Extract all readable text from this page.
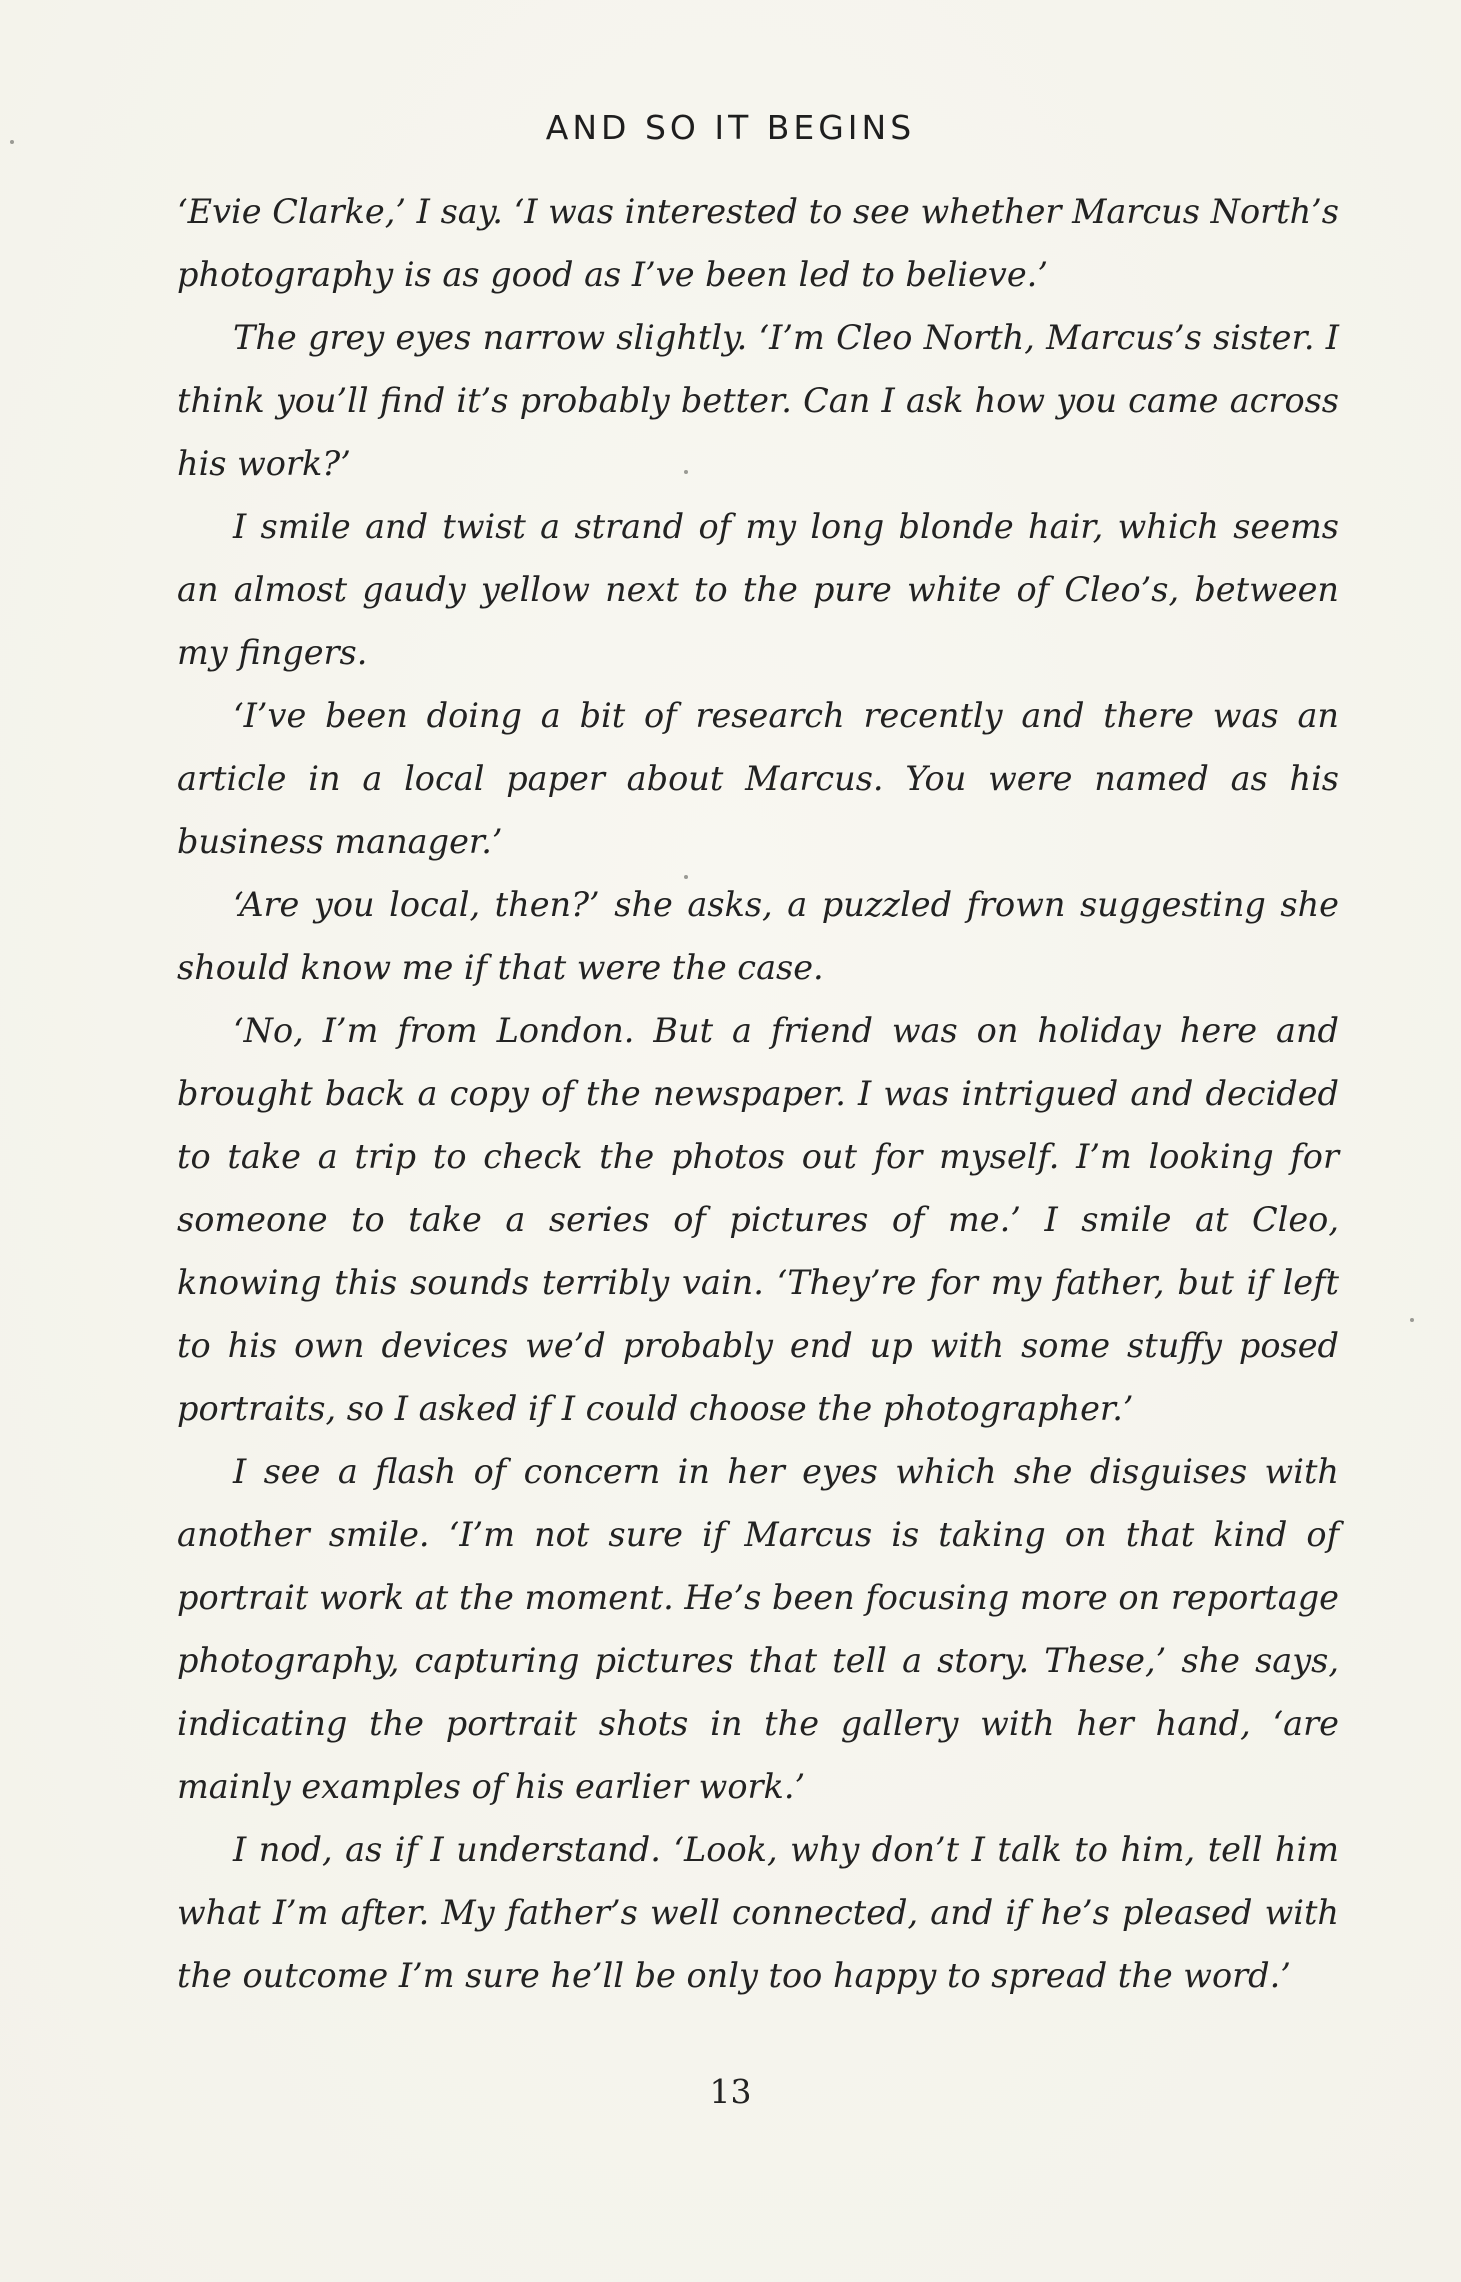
AND SO IT BEGINS

‘Evie Clarke,’ I say. ‘I was interested to see whether Marcus North’s photography is as good as I’ve been led to believe.’

The grey eyes narrow slightly. ‘I’m Cleo North, Marcus’s sister. I think you’ll find it’s probably better. Can I ask how you came across his work?’

I smile and twist a strand of my long blonde hair, which seems an almost gaudy yellow next to the pure white of Cleo’s, between my fingers.

‘I’ve been doing a bit of research recently and there was an article in a local paper about Marcus. You were named as his business manager.’

‘Are you local, then?’ she asks, a puzzled frown suggesting she should know me if that were the case.

‘No, I’m from London. But a friend was on holiday here and brought back a copy of the newspaper. I was intrigued and decided to take a trip to check the photos out for myself. I’m looking for someone to take a series of pictures of me.’ I smile at Cleo, knowing this sounds terribly vain. ‘They’re for my father, but if left to his own devices we’d probably end up with some stuffy posed portraits, so I asked if I could choose the photographer.’

I see a flash of concern in her eyes which she disguises with another smile. ‘I’m not sure if Marcus is taking on that kind of portrait work at the moment. He’s been focusing more on reportage photography, capturing pictures that tell a story. These,’ she says, indicating the portrait shots in the gallery with her hand, ‘are mainly examples of his earlier work.’

I nod, as if I understand. ‘Look, why don’t I talk to him, tell him what I’m after. My father’s well connected, and if he’s pleased with the outcome I’m sure he’ll be only too happy to spread the word.’

13
